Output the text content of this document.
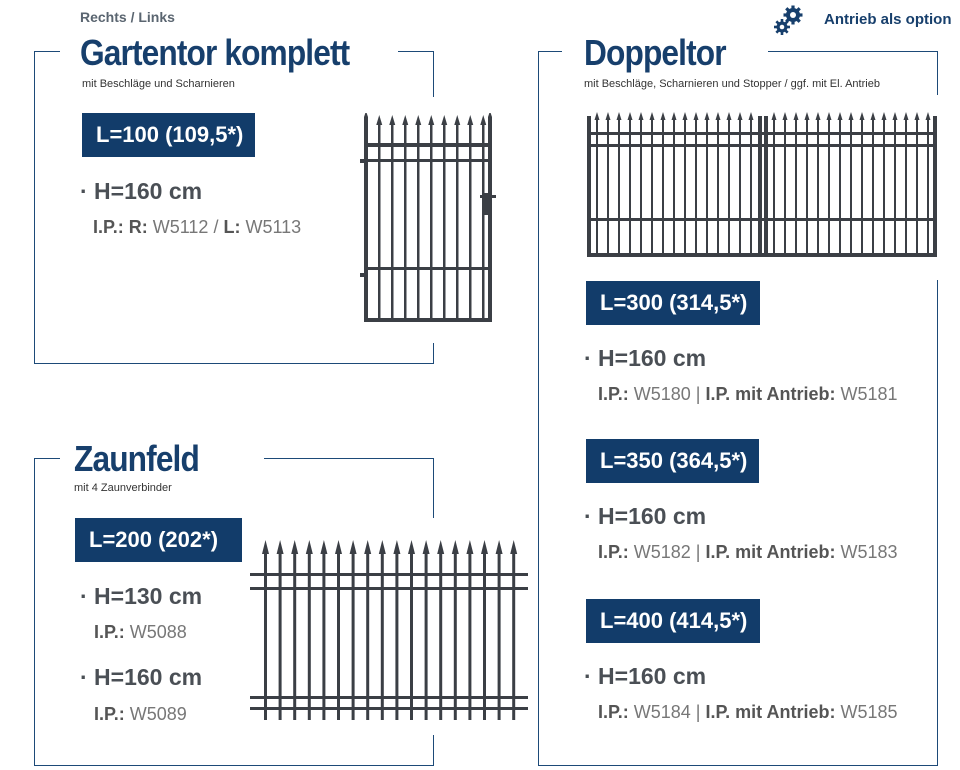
Rechts / Links
Gartentor komplett
mit Beschläge und Scharnieren
L=100 (109,5*)
· H=160 cm
I.P.: R: W5112 / L: W5113
Antrieb als option
Doppeltor
mit Beschläge, Scharnieren und Stopper / ggf. mit El. Antrieb
L=300 (314,5*)
· H=160 cm
I.P.: W5180 | I.P. mit Antrieb: W5181
L=350 (364,5*)
· H=160 cm
I.P.: W5182 | I.P. mit Antrieb: W5183
L=400 (414,5*)
· H=160 cm
I.P.: W5184 | I.P. mit Antrieb: W5185
Zaunfeld
mit 4 Zaunverbinder
L=200 (202*)
· H=130 cm
I.P.: W5088
· H=160 cm
I.P.: W5089
